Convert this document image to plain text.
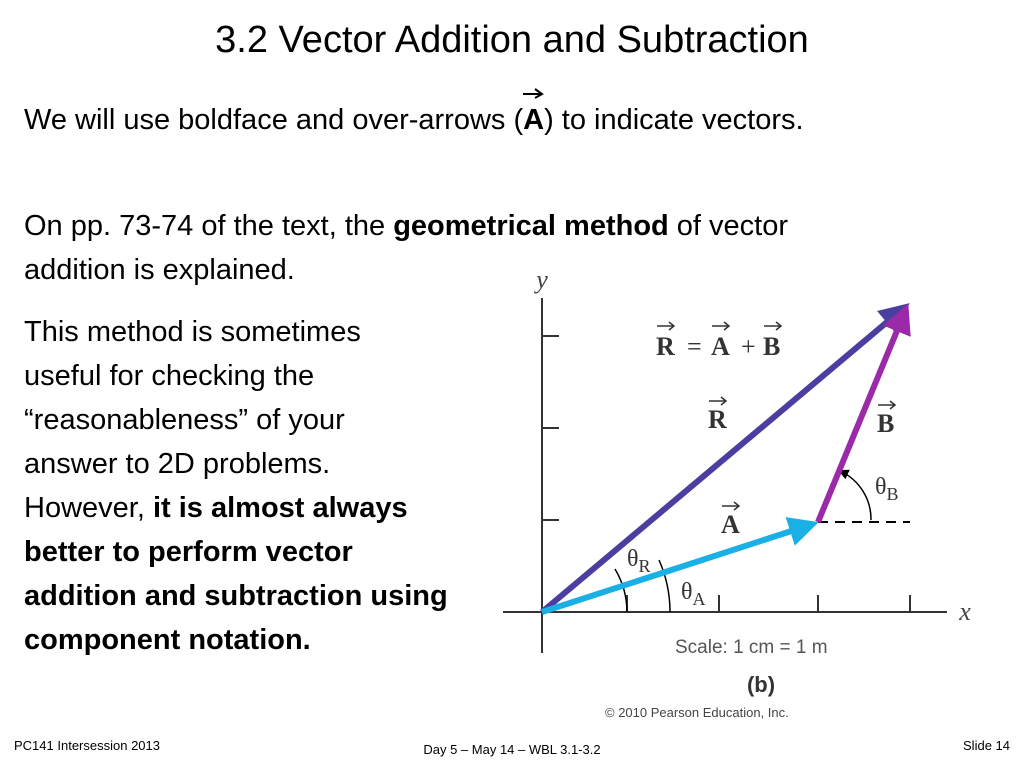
3.2 Vector Addition and Subtraction
We will use boldface and over-arrows (
A) to indicate vectors.
On pp. 73-74 of the text, the geometrical method of vector
addition is explained.
This method is sometimes
useful for checking the
“reasonableness” of your
answer to 2D problems.
However, it is almost always
better to perform vector
addition and subtraction using
component notation.
y
x
R = A + B
R	B
A
$\theta_R$
$\theta_A$
$\theta_B$
Scale: 1 cm = 1 m
(b)
© 2010 Pearson Education, Inc.
PC141 Intersession 2013	Day 5 – May 14 – WBL 3.1-3.2	Slide 14
